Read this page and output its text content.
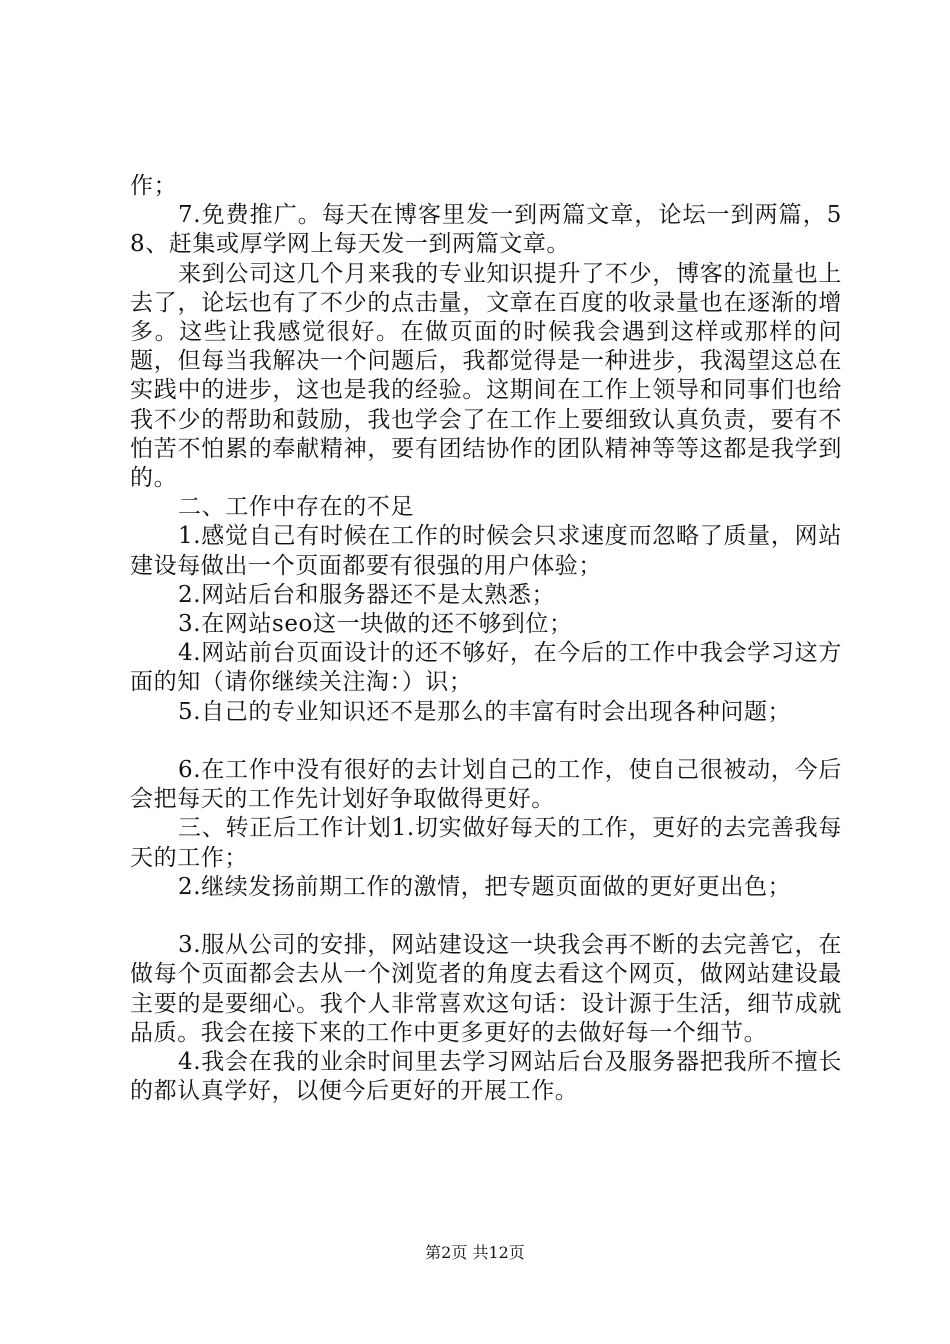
作；

7.免费推广。每天在博客里发一到两篇文章，论坛一到两篇，58、赶集或厚学网上每天发一到两篇文章。

来到公司这几个月来我的专业知识提升了不少，博客的流量也上去了，论坛也有了不少的点击量，文章在百度的收录量也在逐渐的增多。这些让我感觉很好。在做页面的时候我会遇到这样或那样的问题，但每当我解决一个问题后，我都觉得是一种进步，我渴望这总在实践中的进步，这也是我的经验。这期间在工作上领导和同事们也给我不少的帮助和鼓励，我也学会了在工作上要细致认真负责，要有不怕苦不怕累的奉献精神，要有团结协作的团队精神等等这都是我学到的。

二、工作中存在的不足

1.感觉自己有时候在工作的时候会只求速度而忽略了质量，网站建设每做出一个页面都要有很强的用户体验；

2.网站后台和服务器还不是太熟悉；

3.在网站seo这一块做的还不够到位；

4.网站前台页面设计的还不够好，在今后的工作中我会学习这方面的知（请你继续关注淘：）识；

5.自己的专业知识还不是那么的丰富有时会出现各种问题；

6.在工作中没有很好的去计划自己的工作，使自己很被动，今后会把每天的工作先计划好争取做得更好。

三、转正后工作计划1.切实做好每天的工作，更好的去完善我每天的工作；

2.继续发扬前期工作的激情，把专题页面做的更好更出色；

3.服从公司的安排，网站建设这一块我会再不断的去完善它，在做每个页面都会去从一个浏览者的角度去看这个网页，做网站建设最主要的是要细心。我个人非常喜欢这句话：设计源于生活，细节成就品质。我会在接下来的工作中更多更好的去做好每一个细节。

4.我会在我的业余时间里去学习网站后台及服务器把我所不擅长的都认真学好，以便今后更好的开展工作。

第2页 共12页
